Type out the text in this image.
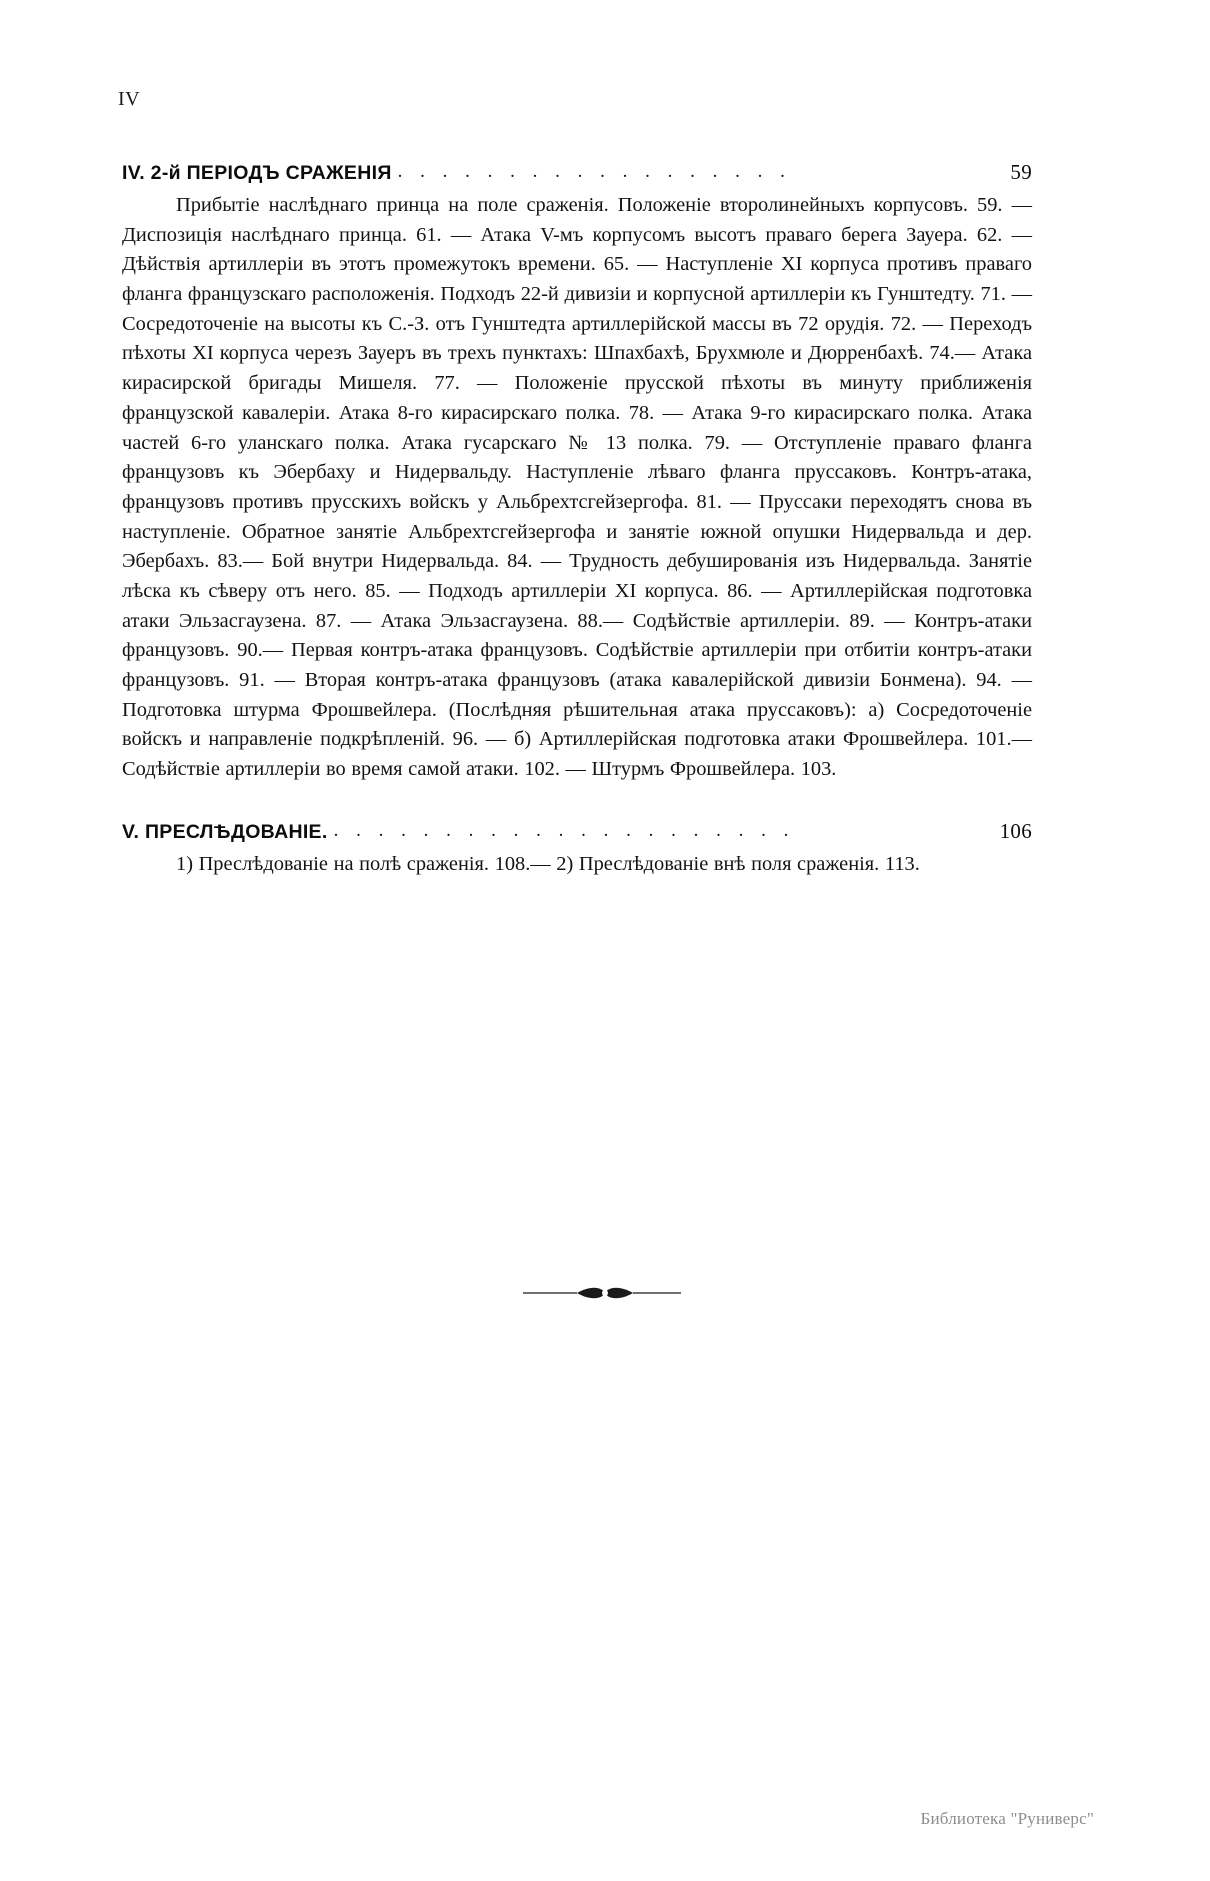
IV
IV. 2-й ПЕРІОДЪ СРАЖЕНІЯ . . . . . . . . . . . . . . . . . .	59
Прибытіе наслѣднаго принца на поле сраженія. Положеніе второлинейныхъ корпусовъ. 59. — Диспозиція наслѣднаго принца. 61. — Атака V-мъ корпусомъ высотъ праваго берега Зауера. 62. — Дѣйствія артиллеріи въ этотъ промежутокъ времени. 65. — Наступленіе XI корпуса противъ праваго фланга французскаго расположенія. Подходъ 22-й дивизіи и корпусной артиллеріи къ Гунштедту. 71. — Сосредоточеніе на высоты къ С.-З. отъ Гунштедта артиллерійской массы въ 72 орудія. 72. — Переходъ пѣхоты XI корпуса черезъ Зауеръ въ трехъ пунктахъ: Шпахбахѣ, Брухмюле и Дюрренбахѣ. 74.— Атака кирасирской бригады Мишеля. 77. — Положеніе прусской пѣхоты въ минуту приближенія французской кавалеріи. Атака 8-го кирасирскаго полка. 78. — Атака 9-го кирасирскаго полка. Атака частей 6-го уланскаго полка. Атака гусарскаго № 13 полка. 79. — Отступленіе праваго фланга французовъ къ Эбербаху и Нидервальду. Наступленіе лѣваго фланга пруссаковъ. Контръ-атака, французовъ противъ прусскихъ войскъ у Альбрехтсгейзергофа. 81. — Пруссаки переходятъ снова въ наступленіе. Обратное занятіе Альбрехтсгейзергофа и занятіе южной опушки Нидервальда и дер. Эбербахъ. 83.— Бой внутри Нидервальда. 84. — Трудность дебушированія изъ Нидервальда. Занятіе лѣска къ сѣверу отъ него. 85. — Подходъ артиллеріи XI корпуса. 86. — Артиллерійская подготовка атаки Эльзасгаузена. 87. — Атака Эльзасгаузена. 88.— Содѣйствіе артиллеріи. 89. — Контръ-атаки французовъ. 90.— Первая контръ-атака французовъ. Содѣйствіе артиллеріи при отбитіи контръ-атаки французовъ. 91. — Вторая контръ-атака французовъ (атака кавалерійской дивизіи Бонмена). 94. — Подготовка штурма Фрошвейлера. (Послѣдняя рѣшительная атака пруссаковъ): а) Сосредоточеніе войскъ и направленіе подкрѣпленій. 96. — б) Артиллерійская подготовка атаки Фрошвейлера. 101.—Содѣйствіе артиллеріи во время самой атаки. 102. — Штурмъ Фрошвейлера. 103.
V. ПРЕСЛѢДОВАНІЕ. . . . . . . . . . . . . . . . . . . . . .	106
1) Преслѣдованіе на полѣ сраженія. 108.— 2) Преслѣдованіе внѣ поля сраженія. 113.
Библиотека "Руниверс"
